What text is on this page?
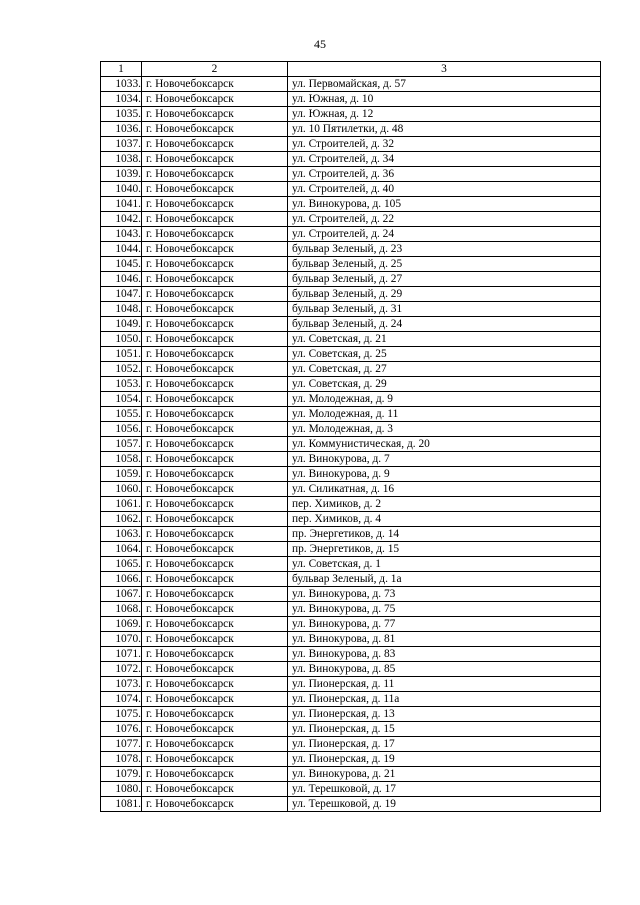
45
1	2	3
1033.	г. Новочебоксарск	ул. Первомайская, д. 57
1034.	г. Новочебоксарск	ул. Южная, д. 10
1035.	г. Новочебоксарск	ул. Южная, д. 12
1036.	г. Новочебоксарск	ул. 10 Пятилетки, д. 48
1037.	г. Новочебоксарск	ул. Строителей, д. 32
1038.	г. Новочебоксарск	ул. Строителей, д. 34
1039.	г. Новочебоксарск	ул. Строителей, д. 36
1040.	г. Новочебоксарск	ул. Строителей, д. 40
1041.	г. Новочебоксарск	ул. Винокурова, д. 105
1042.	г. Новочебоксарск	ул. Строителей, д. 22
1043.	г. Новочебоксарск	ул. Строителей, д. 24
1044.	г. Новочебоксарск	бульвар Зеленый, д. 23
1045.	г. Новочебоксарск	бульвар Зеленый, д. 25
1046.	г. Новочебоксарск	бульвар Зеленый, д. 27
1047.	г. Новочебоксарск	бульвар Зеленый, д. 29
1048.	г. Новочебоксарск	бульвар Зеленый, д. 31
1049.	г. Новочебоксарск	бульвар Зеленый, д. 24
1050.	г. Новочебоксарск	ул. Советская, д. 21
1051.	г. Новочебоксарск	ул. Советская, д. 25
1052.	г. Новочебоксарск	ул. Советская, д. 27
1053.	г. Новочебоксарск	ул. Советская, д. 29
1054.	г. Новочебоксарск	ул. Молодежная, д. 9
1055.	г. Новочебоксарск	ул. Молодежная, д. 11
1056.	г. Новочебоксарск	ул. Молодежная, д. 3
1057.	г. Новочебоксарск	ул. Коммунистическая, д. 20
1058.	г. Новочебоксарск	ул. Винокурова, д. 7
1059.	г. Новочебоксарск	ул. Винокурова, д. 9
1060.	г. Новочебоксарск	ул. Силикатная, д. 16
1061.	г. Новочебоксарск	пер. Химиков, д. 2
1062.	г. Новочебоксарск	пер. Химиков, д. 4
1063.	г. Новочебоксарск	пр. Энергетиков, д. 14
1064.	г. Новочебоксарск	пр. Энергетиков, д. 15
1065.	г. Новочебоксарск	ул. Советская, д. 1
1066.	г. Новочебоксарск	бульвар Зеленый, д. 1а
1067.	г. Новочебоксарск	ул. Винокурова, д. 73
1068.	г. Новочебоксарск	ул. Винокурова, д. 75
1069.	г. Новочебоксарск	ул. Винокурова, д. 77
1070.	г. Новочебоксарск	ул. Винокурова, д. 81
1071.	г. Новочебоксарск	ул. Винокурова, д. 83
1072.	г. Новочебоксарск	ул. Винокурова, д. 85
1073.	г. Новочебоксарск	ул. Пионерская, д. 11
1074.	г. Новочебоксарск	ул. Пионерская, д. 11а
1075.	г. Новочебоксарск	ул. Пионерская, д. 13
1076.	г. Новочебоксарск	ул. Пионерская, д. 15
1077.	г. Новочебоксарск	ул. Пионерская, д. 17
1078.	г. Новочебоксарск	ул. Пионерская, д. 19
1079.	г. Новочебоксарск	ул. Винокурова, д. 21
1080.	г. Новочебоксарск	ул. Терешковой, д. 17
1081.	г. Новочебоксарск	ул. Терешковой, д. 19
